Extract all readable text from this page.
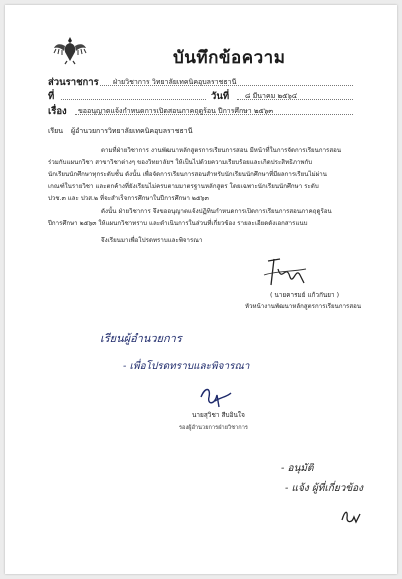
บันทึกข้อความ
ส่วนราชการ ฝ่ายวิชาการ วิทยาลัยเทคนิคอุบลราชธานี
ที่	วันที่ ๘ มีนาคม ๒๕๖๔
เรื่อง ขออนุญาตแจ้งกำหนดการเปิดสอนภาคฤดูร้อน ปีการศึกษา ๒๕๖๓
เรียน ผู้อำนวยการวิทยาลัยเทคนิคอุบลราชธานี
ตามที่ฝ่ายวิชาการ งานพัฒนาหลักสูตรการเรียนการสอน มีหน้าที่ในการจัดการเรียนการสอน
ร่วมกับแผนกวิชา สาขาวิชาต่างๆ ของวิทยาลัยฯ ให้เป็นไปด้วยความเรียบร้อยและเกิดประสิทธิภาพกับ
นักเรียนนักศึกษาทุกระดับชั้น ดังนั้น เพื่อจัดการเรียนการสอนสำหรับนักเรียนนักศึกษาที่มีผลการเรียนไม่ผ่าน
เกณฑ์ในรายวิชา และตกค้างที่ยังเรียนไม่ครบตามมาตรฐานหลักสูตร โดยเฉพาะนักเรียนนักศึกษา ระดับ
ปวช.๓ และ ปวส.๒ ที่จะสำเร็จการศึกษาในปีการศึกษา ๒๕๖๓
ดังนั้น ฝ่ายวิชาการ จึงขออนุญาตแจ้งปฏิทินกำหนดการเปิดการเรียนการสอนภาคฤดูร้อน
ปีการศึกษา ๒๕๖๓ ให้แผนกวิชาทราบ และดำเนินการในส่วนที่เกี่ยวข้อง รายละเอียดดังเอกสารแนบ
จึงเรียนมาเพื่อโปรดทราบและพิจารณา
( นายคารมย์ แก้วกันยา )
หัวหน้างานพัฒนาหลักสูตรการเรียนการสอน
เรียนผู้อำนวยการ
- เพื่อโปรดทราบและพิจารณา
นายสุวิชา สืบอินใจ
รองผู้อำนวยการฝ่ายวิชาการ
- อนุมัติ
- แจ้ง ผู้ที่เกี่ยวข้อง
